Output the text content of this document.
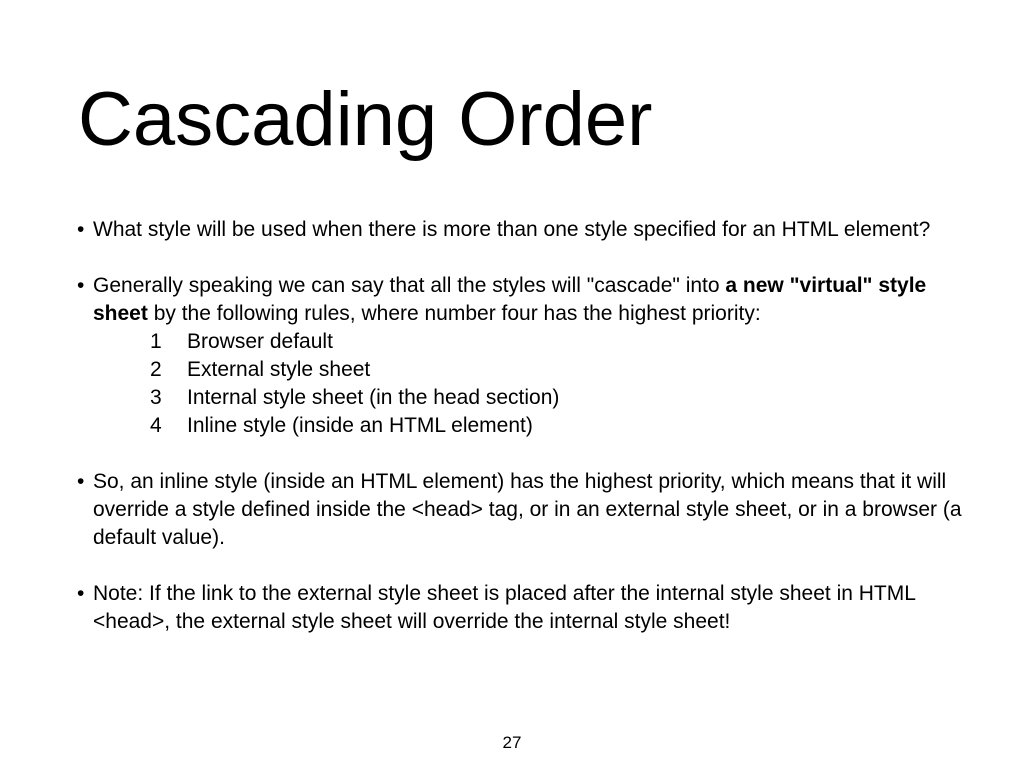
Cascading Order

• What style will be used when there is more than one style specified for an HTML element?

• Generally speaking we can say that all the styles will "cascade" into a new "virtual" style sheet by the following rules, where number four has the highest priority:

1 Browser default
2 External style sheet
3 Internal style sheet (in the head section)
4 Inline style (inside an HTML element)

• So, an inline style (inside an HTML element) has the highest priority, which means that it will override a style defined inside the <head> tag, or in an external style sheet, or in a browser (a default value).

• Note: If the link to the external style sheet is placed after the internal style sheet in HTML <head>, the external style sheet will override the internal style sheet!

27
